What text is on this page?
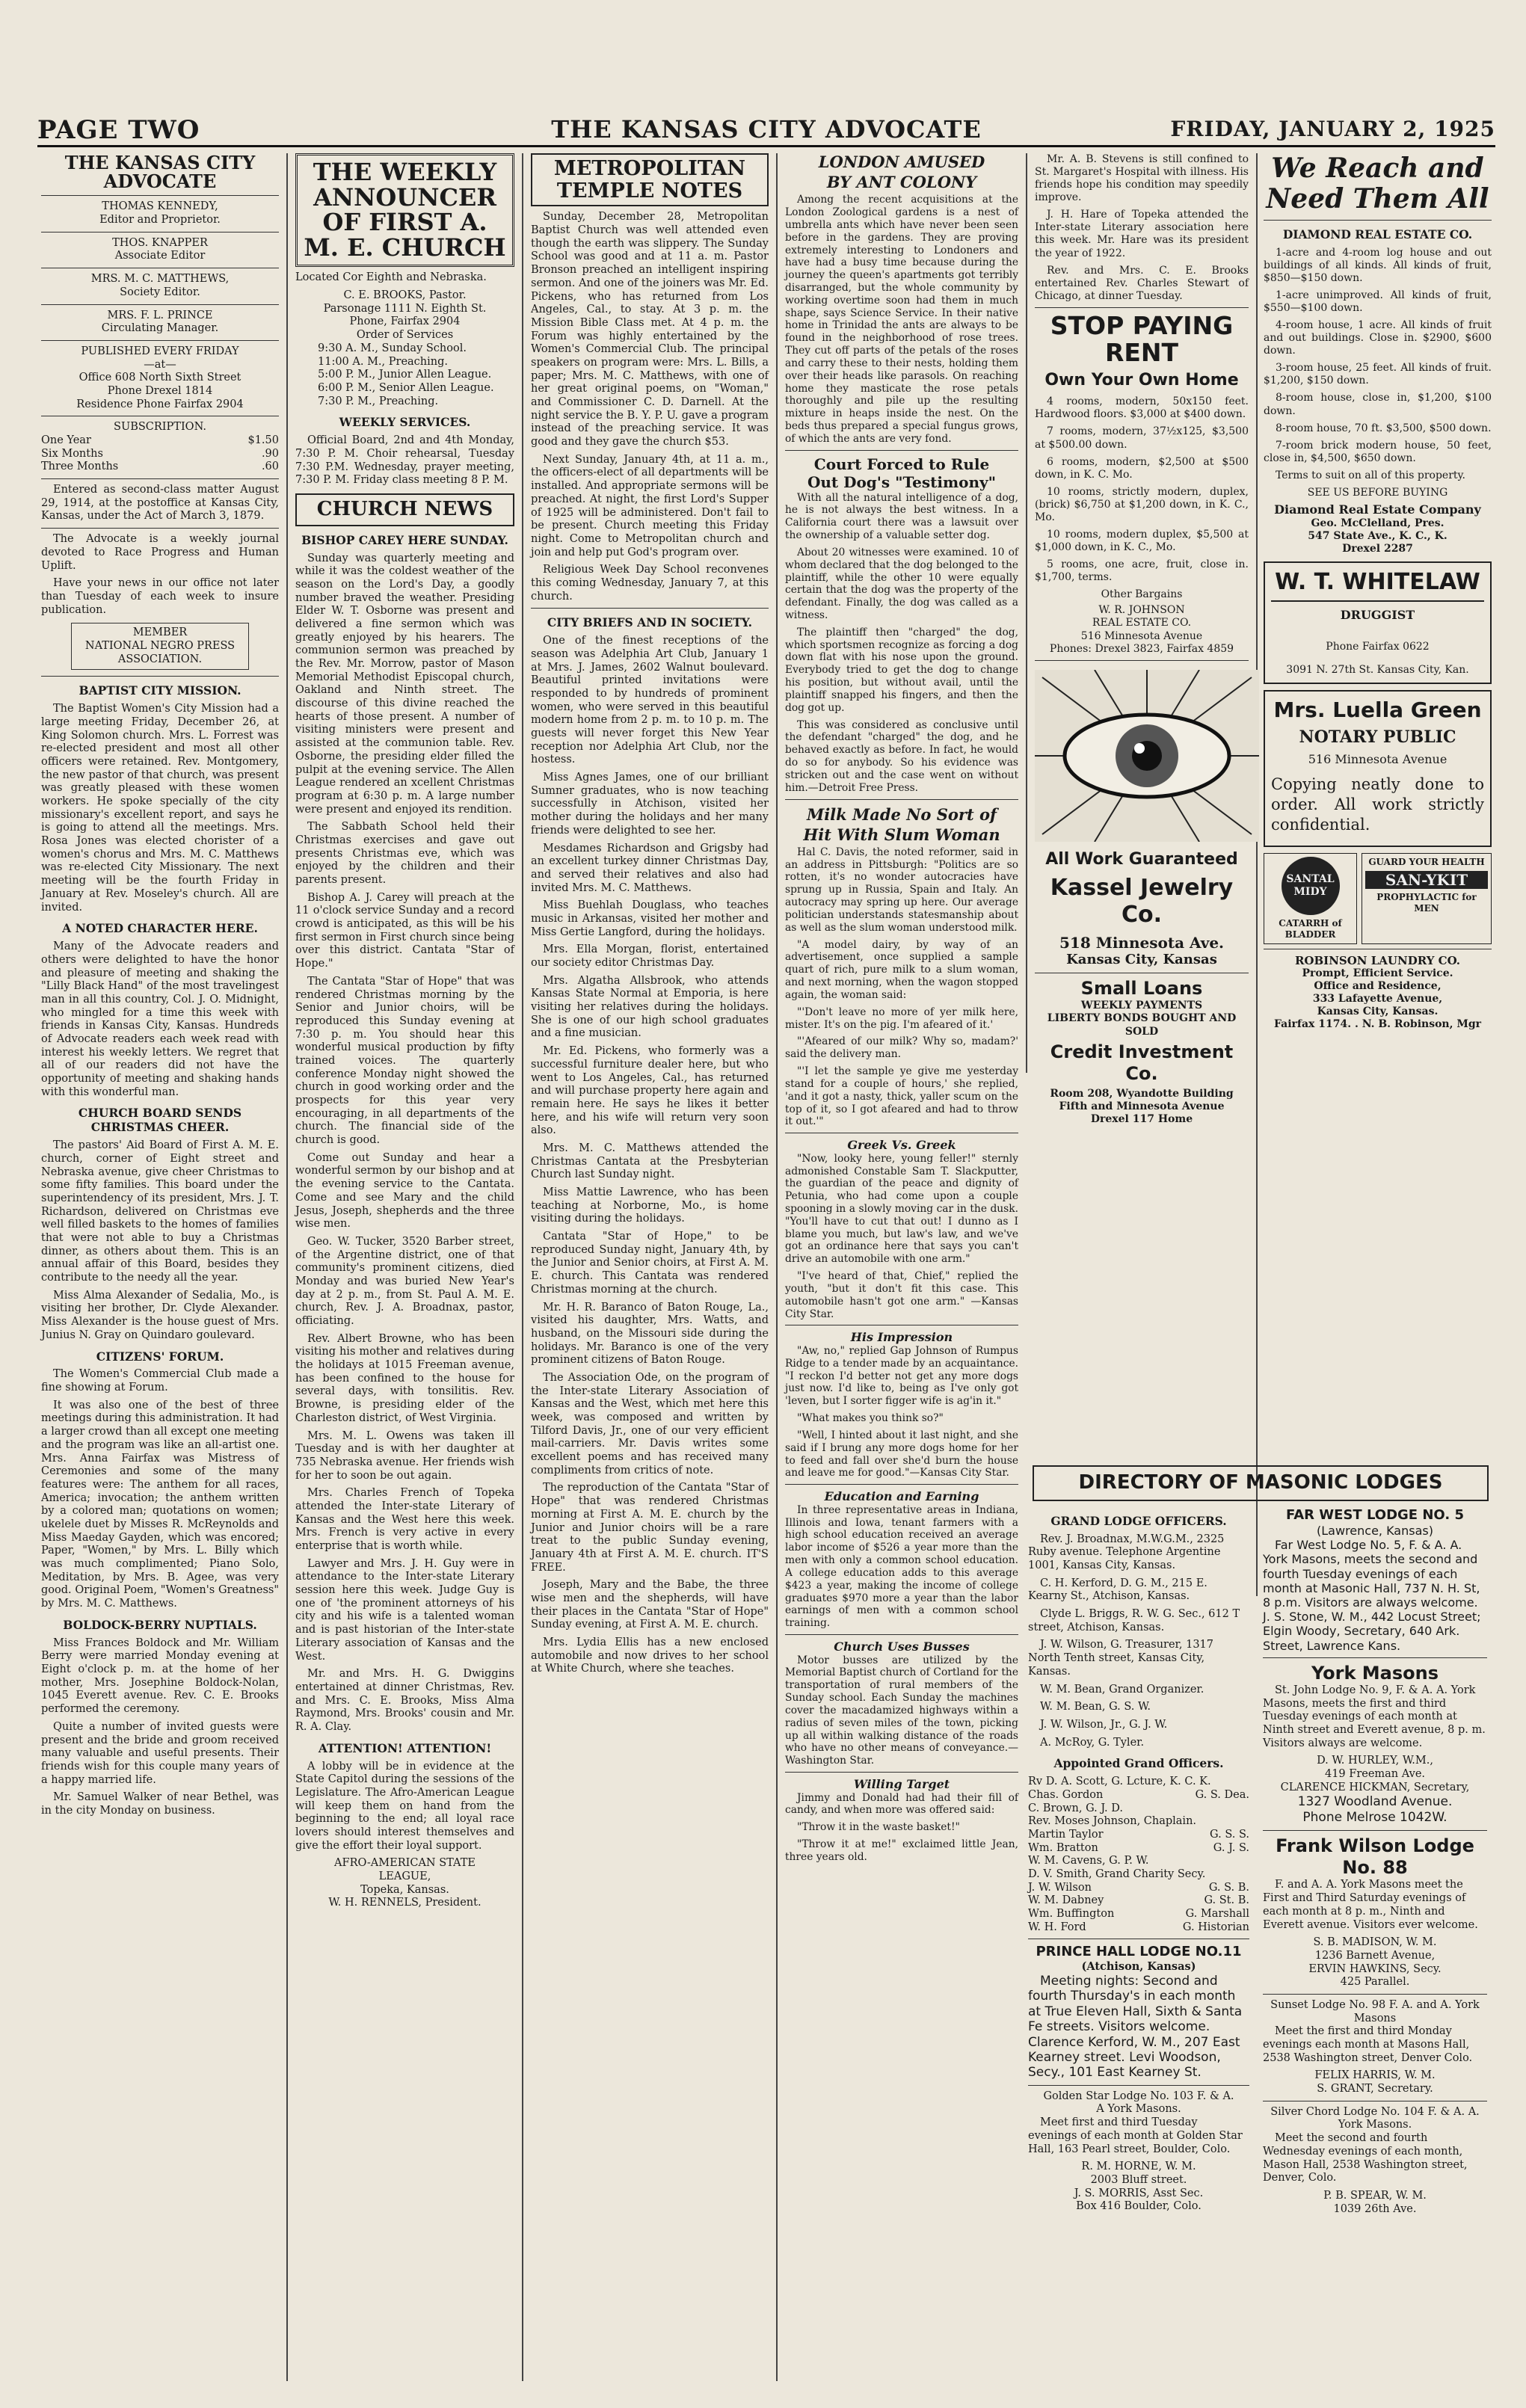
PAGE TWO	THE KANSAS CITY ADVOCATE	FRIDAY, JANUARY 2, 1925
THE KANSAS CITY
ADVOCATE
THOMAS KENNEDY,
Editor and Proprietor.
THOS. KNAPPER
Associate Editor
MRS. M. C. MATTHEWS,
Society Editor.
MRS. F. L. PRINCE
Circulating Manager.
PUBLISHED EVERY FRIDAY
—at—
Office 608 North Sixth Street
Phone Drexel 1814
Residence Phone Fairfax 2904
SUBSCRIPTION.
One Year	$1.50
Six Months	.90
Three Months	.60

Entered as second-class matter August 29, 1914, at the postoffice at Kansas City, Kansas, under the Act of March 3, 1879.

The Advocate is a weekly journal devoted to Race Progress and Human Uplift.

Have your news in our office not later than Tuesday of each week to insure publication.

MEMBER
NATIONAL NEGRO PRESS
ASSOCIATION.
BAPTIST CITY MISSION.

The Baptist Women's City Mission had a large meeting Friday, December 26, at King Solomon church. Mrs. L. Forrest was re-elected president and most all other officers were retained. Rev. Montgomery, the new pastor of that church, was present was greatly pleased with these women workers. He spoke specially of the city missionary's excellent report, and says he is going to attend all the meetings. Mrs. Rosa Jones was elected chorister of a women's chorus and Mrs. M. C. Matthews was re-elected City Missionary. The next meeting will be the fourth Friday in January at Rev. Moseley's church. All are invited.

A NOTED CHARACTER HERE.

Many of the Advocate readers and others were delighted to have the honor and pleasure of meeting and shaking the "Lilly Black Hand" of the most travelingest man in all this country, Col. J. O. Midnight, who mingled for a time this week with friends in Kansas City, Kansas. Hundreds of Advocate readers each week read with interest his weekly letters. We regret that all of our readers did not have the opportunity of meeting and shaking hands with this wonderful man.

CHURCH BOARD SENDS CHRISTMAS CHEER.

The pastors' Aid Board of First A. M. E. church, corner of Eight street and Nebraska avenue, give cheer Christmas to some fifty families. This board under the superintendency of its president, Mrs. J. T. Richardson, delivered on Christmas eve well filled baskets to the homes of families that were not able to buy a Christmas dinner, as others about them. This is an annual affair of this Board, besides they contribute to the needy all the year.

Miss Alma Alexander of Sedalia, Mo., is visiting her brother, Dr. Clyde Alexander. Miss Alexander is the house guest of Mrs. Junius N. Gray on Quindaro goulevard.

CITIZENS' FORUM.

The Women's Commercial Club made a fine showing at Forum.

It was also one of the best of three meetings during this administration. It had a larger crowd than all except one meeting and the program was like an all-artist one. Mrs. Anna Fairfax was Mistress of Ceremonies and some of the many features were: The anthem for all races, America; invocation; the anthem written by a colored man; quotations on women; ukelele duet by Misses R. McReynolds and Miss Maeday Gayden, which was encored; Paper, "Women," by Mrs. L. Billy which was much complimented; Piano Solo, Meditation, by Mrs. B. Agee, was very good. Original Poem, "Women's Greatness" by Mrs. M. C. Matthews.

BOLDOCK-BERRY NUPTIALS.

Miss Frances Boldock and Mr. William Berry were married Monday evening at Eight o'clock p. m. at the home of her mother, Mrs. Josephine Boldock-Nolan, 1045 Everett avenue. Rev. C. E. Brooks performed the ceremony.

Quite a number of invited guests were present and the bride and groom received many valuable and useful presents. Their friends wish for this couple many years of a happy married life.

Mr. Samuel Walker of near Bethel, was in the city Monday on business.

THE WEEKLY ANNOUNCER OF FIRST A. M. E. CHURCH

Located Cor Eighth and Nebraska.

C. E. BROOKS, Pastor.
Parsonage 1111 N. Eighth St.
Phone, Fairfax 2904
Order of Services
9:30 A. M., Sunday School.
11:00 A. M., Preaching.
5:00 P. M., Junior Allen League.
6:00 P. M., Senior Allen League.
7:30 P. M., Preaching.
WEEKLY SERVICES.

Official Board, 2nd and 4th Monday, 7:30 P. M. Choir rehearsal, Tuesday 7:30 P.M. Wednesday, prayer meeting, 7:30 P. M. Friday class meeting 8 P. M.

CHURCH NEWS
BISHOP CAREY HERE SUNDAY.

Sunday was quarterly meeting and while it was the coldest weather of the season on the Lord's Day, a goodly number braved the weather. Presiding Elder W. T. Osborne was present and delivered a fine sermon which was greatly enjoyed by his hearers. The communion sermon was preached by the Rev. Mr. Morrow, pastor of Mason Memorial Methodist Episcopal church, Oakland and Ninth street. The discourse of this divine reached the hearts of those present. A number of visiting ministers were present and assisted at the communion table. Rev. Osborne, the presiding elder filled the pulpit at the evening service. The Allen League rendered an xcellent Christmas program at 6:30 p. m. A large number were present and enjoyed its rendition.

The Sabbath School held their Christmas exercises and gave out presents Christmas eve, which was enjoyed by the children and their parents present.

Bishop A. J. Carey will preach at the 11 o'clock service Sunday and a record crowd is anticipated, as this will be his first sermon in First church since being over this district. Cantata "Star of Hope."

The Cantata "Star of Hope" that was rendered Christmas morning by the Senior and Junior choirs, will be reproduced this Sunday evening at 7:30 p. m. You should hear this wonderful musical production by fifty trained voices. The quarterly conference Monday night showed the church in good working order and the prospects for this year very encouraging, in all departments of the church. The financial side of the church is good.

Come out Sunday and hear a wonderful sermon by our bishop and at the evening service to the Cantata. Come and see Mary and the child Jesus, Joseph, shepherds and the three wise men.

Geo. W. Tucker, 3520 Barber street, of the Argentine district, one of that community's prominent citizens, died Monday and was buried New Year's day at 2 p. m., from St. Paul A. M. E. church, Rev. J. A. Broadnax, pastor, officiating.

Rev. Albert Browne, who has been visiting his mother and relatives during the holidays at 1015 Freeman avenue, has been confined to the house for several days, with tonsilitis. Rev. Browne, is presiding elder of the Charleston district, of West Virginia.

Mrs. M. L. Owens was taken ill Tuesday and is with her daughter at 735 Nebraska avenue. Her friends wish for her to soon be out again.

Mrs. Charles French of Topeka attended the Inter-state Literary of Kansas and the West here this week. Mrs. French is very active in every enterprise that is worth while.

Lawyer and Mrs. J. H. Guy were in attendance to the Inter-state Literary session here this week. Judge Guy is one of 'the prominent attorneys of his city and his wife is a talented woman and is past historian of the Inter-state Literary association of Kansas and the West.

Mr. and Mrs. H. G. Dwiggins entertained at dinner Christmas, Rev. and Mrs. C. E. Brooks, Miss Alma Raymond, Mrs. Brooks' cousin and Mr. R. A. Clay.

ATTENTION! ATTENTION!

A lobby will be in evidence at the State Capitol during the sessions of the Legislature. The Afro-American League will keep them on hand from the beginning to the end; all loyal race lovers should interest themselves and give the effort their loyal support.

AFRO-AMERICAN STATE
LEAGUE,
Topeka, Kansas.
W. H. RENNELS, President.
METROPOLITAN TEMPLE NOTES

Sunday, December 28, Metropolitan Baptist Church was well attended even though the earth was slippery. The Sunday School was good and at 11 a. m. Pastor Bronson preached an intelligent inspiring sermon. And one of the joiners was Mr. Ed. Pickens, who has returned from Los Angeles, Cal., to stay. At 3 p. m. the Mission Bible Class met. At 4 p. m. the Forum was highly entertained by the Women's Commercial Club. The principal speakers on program were: Mrs. L. Bills, a paper; Mrs. M. C. Matthews, with one of her great original poems, on "Woman," and Commissioner C. D. Darnell. At the night service the B. Y. P. U. gave a program instead of the preaching service. It was good and they gave the church $53.

Next Sunday, January 4th, at 11 a. m., the officers-elect of all departments will be installed. And appropriate sermons will be preached. At night, the first Lord's Supper of 1925 will be administered. Don't fail to be present. Church meeting this Friday night. Come to Metropolitan church and join and help put God's program over.

Religious Week Day School reconvenes this coming Wednesday, January 7, at this church.

CITY BRIEFS AND IN SOCIETY.

One of the finest receptions of the season was Adelphia Art Club, January 1 at Mrs. J. James, 2602 Walnut boulevard. Beautiful printed invitations were responded to by hundreds of prominent women, who were served in this beautiful modern home from 2 p. m. to 10 p. m. The guests will never forget this New Year reception nor Adelphia Art Club, nor the hostess.

Miss Agnes James, one of our brilliant Sumner graduates, who is now teaching successfully in Atchison, visited her mother during the holidays and her many friends were delighted to see her.

Mesdames Richardson and Grigsby had an excellent turkey dinner Christmas Day, and served their relatives and also had invited Mrs. M. C. Matthews.

Miss Buehlah Douglass, who teaches music in Arkansas, visited her mother and Miss Gertie Langford, during the holidays.

Mrs. Ella Morgan, florist, entertained our society editor Christmas Day.

Mrs. Algatha Allsbrook, who attends Kansas State Normal at Emporia, is here visiting her relatives during the holidays. She is one of our high school graduates and a fine musician.

Mr. Ed. Pickens, who formerly was a successful furniture dealer here, but who went to Los Angeles, Cal., has returned and will purchase property here again and remain here. He says he likes it better here, and his wife will return very soon also.

Mrs. M. C. Matthews attended the Christmas Cantata at the Presbyterian Church last Sunday night.

Miss Mattie Lawrence, who has been teaching at Norborne, Mo., is home visiting during the holidays.

Cantata "Star of Hope," to be reproduced Sunday night, January 4th, by the Junior and Senior choirs, at First A. M. E. church. This Cantata was rendered Christmas morning at the church.

Mr. H. R. Baranco of Baton Rouge, La., visited his daughter, Mrs. Watts, and husband, on the Missouri side during the holidays. Mr. Baranco is one of the very prominent citizens of Baton Rouge.

The Association Ode, on the program of the Inter-state Literary Association of Kansas and the West, which met here this week, was composed and written by Tilford Davis, Jr., one of our very efficient mail-carriers. Mr. Davis writes some excellent poems and has received many compliments from critics of note.

The reproduction of the Cantata "Star of Hope" that was rendered Christmas morning at First A. M. E. church by the Junior and Junior choirs will be a rare treat to the public Sunday evening, January 4th at First A. M. E. church. IT'S FREE.

Joseph, Mary and the Babe, the three wise men and the shepherds, will have their places in the Cantata "Star of Hope" Sunday evening, at First A. M. E. church.

Mrs. Lydia Ellis has a new enclosed automobile and now drives to her school at White Church, where she teaches.

LONDON AMUSED
BY ANT COLONY

Among the recent acquisitions at the London Zoological gardens is a nest of umbrella ants which have never been seen before in the gardens. They are proving extremely interesting to Londoners and have had a busy time because during the journey the queen's apartments got terribly disarranged, but the whole community by working overtime soon had them in much shape, says Science Service. In their native home in Trinidad the ants are always to be found in the neighborhood of rose trees. They cut off parts of the petals of the roses and carry these to their nests, holding them over their heads like parasols. On reaching home they masticate the rose petals thoroughly and pile up the resulting mixture in heaps inside the nest. On the beds thus prepared a special fungus grows, of which the ants are very fond.

Court Forced to Rule
Out Dog's "Testimony"

With all the natural intelligence of a dog, he is not always the best witness. In a California court there was a lawsuit over the ownership of a valuable setter dog.

About 20 witnesses were examined. 10 of whom declared that the dog belonged to the plaintiff, while the other 10 were equally certain that the dog was the property of the defendant. Finally, the dog was called as a witness.

The plaintiff then "charged" the dog, which sportsmen recognize as forcing a dog down flat with his nose upon the ground. Everybody tried to get the dog to change his position, but without avail, until the plaintiff snapped his fingers, and then the dog got up.

This was considered as conclusive until the defendant "charged" the dog, and he behaved exactly as before. In fact, he would do so for anybody. So his evidence was stricken out and the case went on without him.—Detroit Free Press.

Milk Made No Sort of
Hit With Slum Woman

Hal C. Davis, the noted reformer, said in an address in Pittsburgh: "Politics are so rotten, it's no wonder autocracies have sprung up in Russia, Spain and Italy. An autocracy may spring up here. Our average politician understands statesmanship about as well as the slum woman understood milk.

"A model dairy, by way of an advertisement, once supplied a sample quart of rich, pure milk to a slum woman, and next morning, when the wagon stopped again, the woman said:

"'Don't leave no more of yer milk here, mister. It's on the pig. I'm afeared of it.'

"'Afeared of our milk? Why so, madam?' said the delivery man.

"'I let the sample ye give me yesterday stand for a couple of hours,' she replied, 'and it got a nasty, thick, yaller scum on the top of it, so I got afeared and had to throw it out.'"

Greek Vs. Greek

"Now, looky here, young feller!" sternly admonished Constable Sam T. Slackputter, the guardian of the peace and dignity of Petunia, who had come upon a couple spooning in a slowly moving car in the dusk. "You'll have to cut that out! I dunno as I blame you much, but law's law, and we've got an ordinance here that says you can't drive an automobile with one arm."

"I've heard of that, Chief," replied the youth, "but it don't fit this case. This automobile hasn't got one arm." —Kansas City Star.

His Impression

"Aw, no," replied Gap Johnson of Rumpus Ridge to a tender made by an acquaintance. "I reckon I'd better not get any more dogs just now. I'd like to, being as I've only got 'leven, but I sorter figger wife is ag'in it."

"What makes you think so?"

"Well, I hinted about it last night, and she said if I brung any more dogs home for her to feed and fall over she'd burn the house and leave me for good."—Kansas City Star.

Education and Earning

In three representative areas in Indiana, Illinois and Iowa, tenant farmers with a high school education received an average labor income of $526 a year more than the men with only a common school education. A college education adds to this average $423 a year, making the income of college graduates $970 more a year than the labor earnings of men with a common school training.

Church Uses Busses

Motor busses are utilized by the Memorial Baptist church of Cortland for the transportation of rural members of the Sunday school. Each Sunday the machines cover the macadamized highways within a radius of seven miles of the town, picking up all within walking distance of the roads who have no other means of conveyance.—Washington Star.

Willing Target

Jimmy and Donald had had their fill of candy, and when more was offered said:

"Throw it in the waste basket!"

"Throw it at me!" exclaimed little Jean, three years old.

Mr. A. B. Stevens is still confined to St. Margaret's Hospital with illness. His friends hope his condition may speedily improve.

J. H. Hare of Topeka attended the Inter-state Literary association here this week. Mr. Hare was its president the year of 1922.

Rev. and Mrs. C. E. Brooks entertained Rev. Charles Stewart of Chicago, at dinner Tuesday.

STOP PAYING RENT
Own Your Own Home

4 rooms, modern, 50x150 feet. Hardwood floors. $3,000 at $400 down.

7 rooms, modern, 37½x125, $3,500 at $500.00 down.

6 rooms, modern, $2,500 at $500 down, in K. C. Mo.

10 rooms, strictly modern, duplex, (brick) $6,750 at $1,200 down, in K. C., Mo.

10 rooms, modern duplex, $5,500 at $1,000 down, in K. C., Mo.

5 rooms, one acre, fruit, close in. $1,700, terms.

Other Bargains
W. R. JOHNSON
REAL ESTATE CO.
516 Minnesota Avenue
Phones: Drexel 3823, Fairfax 4859
All Work Guaranteed
Kassel Jewelry Co.
518 Minnesota Ave.
Kansas City, Kansas
Small Loans
WEEKLY PAYMENTS
LIBERTY BONDS BOUGHT AND SOLD
Credit Investment Co.
Room 208, Wyandotte Building
Fifth and Minnesota Avenue
Drexel 117 Home
We Reach and
Need Them All
DIAMOND REAL ESTATE CO.

1-acre and 4-room log house and out buildings of all kinds. All kinds of fruit, $850—$150 down.

1-acre unimproved. All kinds of fruit, $550—$100 down.

4-room house, 1 acre. All kinds of fruit and out buildings. Close in. $2900, $600 down.

3-room house, 25 feet. All kinds of fruit. $1,200, $150 down.

8-room house, close in, $1,200, $100 down.

8-room house, 70 ft. $3,500, $500 down.

7-room brick modern house, 50 feet, close in, $4,500, $650 down.

Terms to suit on all of this property.

SEE US BEFORE BUYING
Diamond Real Estate Company
Geo. McClelland, Pres.
547 State Ave., K. C., K.
Drexel 2287
W. T. WHITELAW
DRUGGIST
Phone Fairfax 0622
3091 N. 27th St. Kansas City, Kan.
Mrs. Luella Green
NOTARY PUBLIC
516 Minnesota Avenue

Copying neatly done to order. All work strictly confidential.

SANTAL MIDY
CATARRH of BLADDER
GUARD YOUR HEALTH
SAN-YKIT
PROPHYLACTIC for MEN
ROBINSON LAUNDRY CO.
Prompt, Efficient Service.
Office and Residence,
333 Lafayette Avenue,
Kansas City, Kansas.
Fairfax 1174. . N. B. Robinson, Mgr
DIRECTORY OF MASONIC LODGES
GRAND LODGE OFFICERS.

Rev. J. Broadnax, M.W.G.M., 2325 Ruby avenue. Telephone Argentine 1001, Kansas City, Kansas.

C. H. Kerford, D. G. M., 215 E. Kearny St., Atchison, Kansas.

Clyde L. Briggs, R. W. G. Sec., 612 T street, Atchison, Kansas.

J. W. Wilson, G. Treasurer, 1317 North Tenth street, Kansas City, Kansas.

W. M. Bean, Grand Organizer.

W. M. Bean, G. S. W.

J. W. Wilson, Jr., G. J. W.

A. McRoy, G. Tyler.

Appointed Grand Officers.
Rv D. A. Scott, G. Lcture, K. C. K.
Chas. Gordon	G. S. Dea.
C. Brown, G. J. D.	
Rev. Moses Johnson, Chaplain.
Martin Taylor	G. S. S.
Wm. Bratton	G. J. S.
W. M. Cavens, G. P. W.
D. V. Smith, Grand Charity Secy.
J. W. Wilson	G. S. B.
W. M. Dabney	G. St. B.
Wm. Buffington	G. Marshall
W. H. Ford	G. Historian
PRINCE HALL LODGE NO.11
(Atchison, Kansas)

Meeting nights: Second and fourth Thursday's in each month at True Eleven Hall, Sixth & Santa Fe streets. Visitors welcome. Clarence Kerford, W. M., 207 East Kearney street. Levi Woodson, Secy., 101 East Kearney St.

Golden Star Lodge No. 103 F. & A.
A York Masons.

Meet first and third Tuesday evenings of each month at Golden Star Hall, 163 Pearl street, Boulder, Colo.

R. M. HORNE, W. M.
2003 Bluff street.
J. S. MORRIS, Asst Sec.
Box 416 Boulder, Colo.
FAR WEST LODGE NO. 5
(Lawrence, Kansas)

Far West Lodge No. 5, F. & A. A. York Masons, meets the second and fourth Tuesday evenings of each month at Masonic Hall, 737 N. H. St, 8 p.m. Visitors are always welcome. J. S. Stone, W. M., 442 Locust Street; Elgin Woody, Secretary, 640 Ark. Street, Lawrence Kans.

York Masons

St. John Lodge No. 9, F. & A. A. York Masons, meets the first and third Tuesday evenings of each month at Ninth street and Everett avenue, 8 p. m. Visitors always are welcome.

D. W. HURLEY, W.M.,
419 Freeman Ave.
CLARENCE HICKMAN, Secretary,
1327 Woodland Avenue.
Phone Melrose 1042W.
Frank Wilson Lodge
No. 88

F. and A. A. York Masons meet the First and Third Saturday evenings of each month at 8 p. m., Ninth and Everett avenue. Visitors ever welcome.

S. B. MADISON, W. M.
1236 Barnett Avenue,
ERVIN HAWKINS, Secy.
425 Parallel.
Sunset Lodge No. 98 F. A. and A. York Masons

Meet the first and third Monday evenings each month at Masons Hall, 2538 Washington street, Denver Colo.

FELIX HARRIS, W. M.
S. GRANT, Secretary.
Silver Chord Lodge No. 104 F. & A. A. York Masons.

Meet the second and fourth Wednesday evenings of each month, Mason Hall, 2538 Washington street, Denver, Colo.

P. B. SPEAR, W. M.
1039 26th Ave.
